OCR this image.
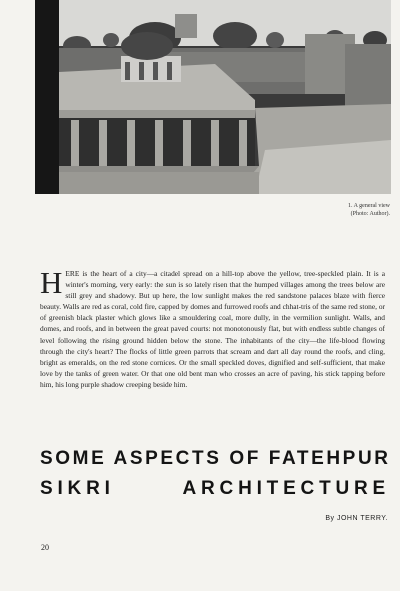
1. A general view
(Photo: Author).
HERE is the heart of a city—a citadel spread on a hill-top above the yellow, tree-speckled plain. It is a winter's morning, very early: the sun is so lately risen that the humped villages among the trees below are still grey and shadowy. But up here, the low sunlight makes the red sandstone palaces blaze with fierce beauty. Walls are red as coral, cold fire, capped by domes and furrowed roofs and chhat-tris of the same red stone, or of greenish black plaster which glows like a smouldering coal, more dully, in the vermilion sunlight. Walls, and domes, and roofs, and in between the great paved courts: not monotonously flat, but with endless subtle changes of level following the rising ground hidden below the stone. The inhabitants of the city—the life-blood flowing through the city's heart? The flocks of little green parrots that scream and dart all day round the roofs, and cling, bright as emeralds, on the red stone cornices. Or the small speckled doves, dignified and self-sufficient, that make love by the tanks of green water. Or that one old bent man who crosses an acre of paving, his stick tapping before him, his long purple shadow creeping beside him.
SOME ASPECTS OF FATEHPUR
SIKRI	ARCHITECTURE
By JOHN TERRY.
20
